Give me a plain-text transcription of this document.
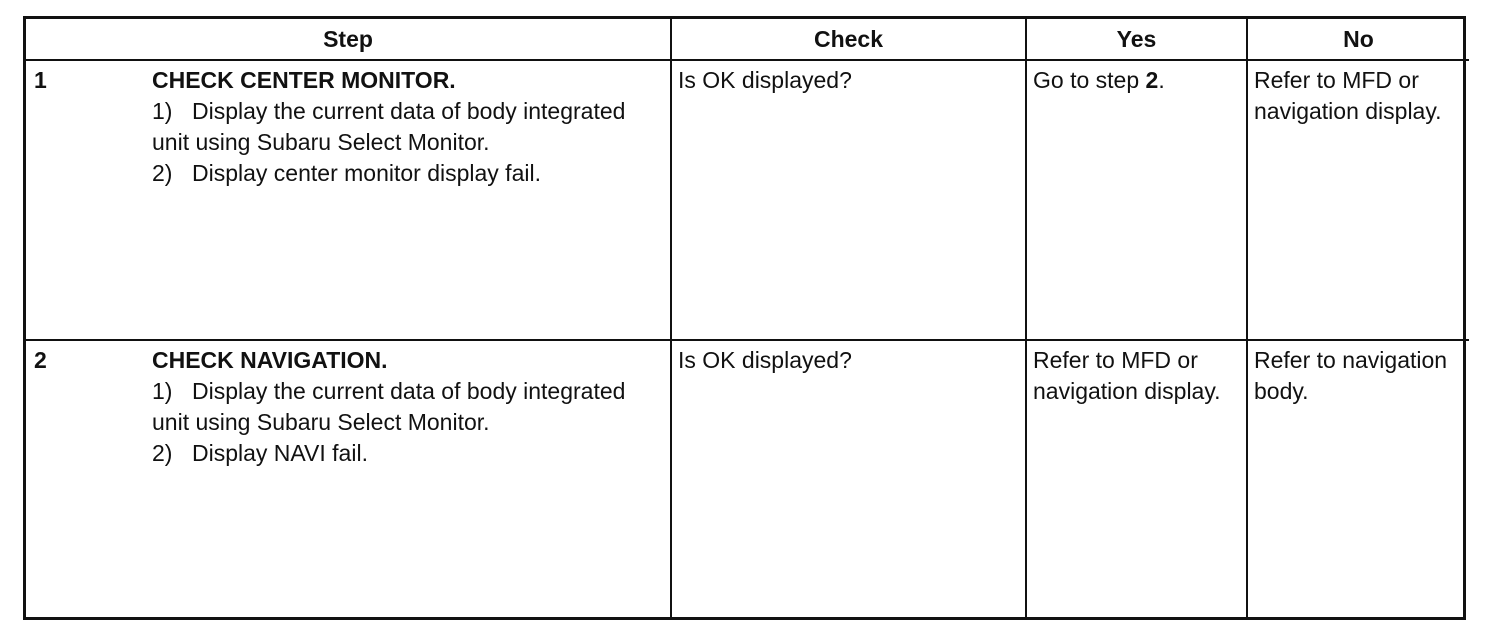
Step	Check	Yes	No

1 CHECK CENTER MONITOR.
1) Display the current data of body integrated unit using Subaru Select Monitor.
2) Display center monitor display fail.	Is OK displayed?	Go to step 2.	Refer to MFD or navigation display.

2 CHECK NAVIGATION.
1) Display the current data of body integrated unit using Subaru Select Monitor.
2) Display NAVI fail.	Is OK displayed?	Refer to MFD or navigation display.	Refer to navigation body.
